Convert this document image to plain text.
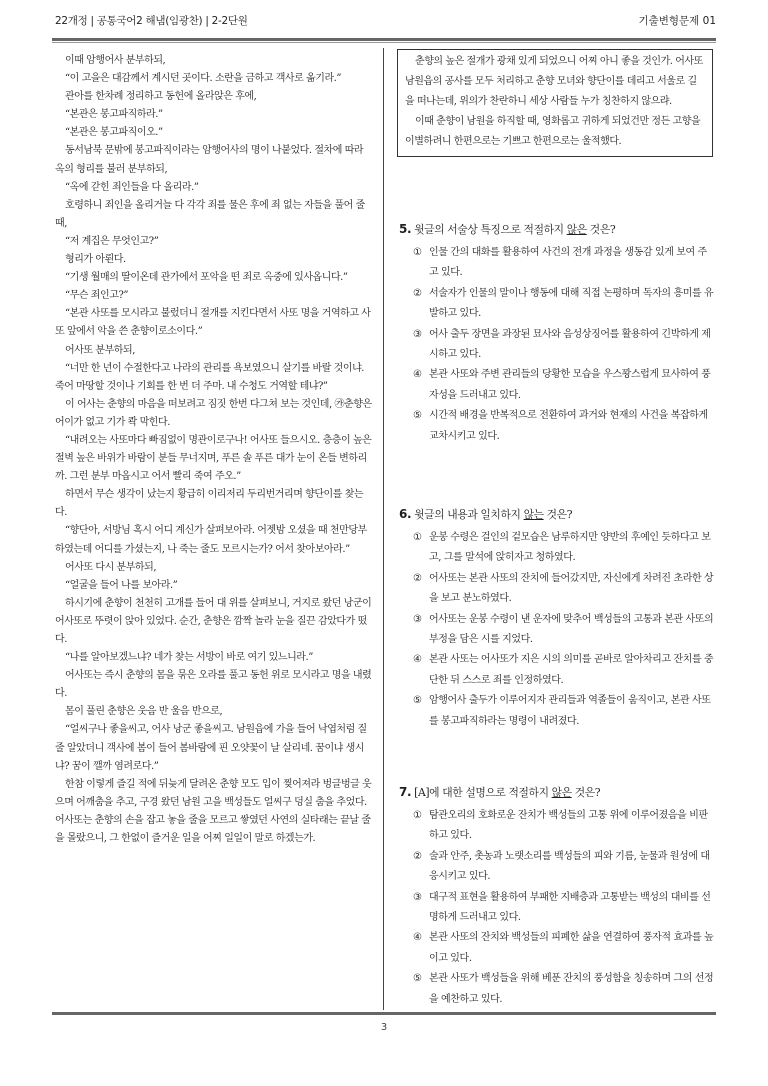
22개정 | 공통국어2 해냄(임광찬) | 2-2단원	기출변형문제 01

이때 암행어사 분부하되,

“이 고을은 대감께서 계시던 곳이다. 소란을 금하고 객사로 옮기라.”

관아를 한차례 정리하고 동헌에 올라앉은 후에,

“본관은 봉고파직하라.”

“본관은 봉고파직이오.”

동서남북 문밖에 봉고파직이라는 암행어사의 명이 나붙었다. 절차에 따라 옥의 형리를 불러 분부하되,

“옥에 갇힌 죄인들을 다 올리라.”

호령하니 죄인을 올리거늘 다 각각 죄를 물은 후에 죄 없는 자들을 풀어 줄 때,

“저 계집은 무엇인고?”

형리가 아뢴다.

“기생 월매의 딸이온데 관가에서 포악을 떤 죄로 옥중에 있사옵니다.”

“무슨 죄인고?”

“본관 사또를 모시라고 불렀더니 절개를 지킨다면서 사또 명을 거역하고 사또 앞에서 악을 쓴 춘향이로소이다.”

어사또 분부하되,

“너만 한 년이 수절한다고 나라의 관리를 욕보였으니 살기를 바랄 것이냐. 죽어 마땅할 것이나 기회를 한 번 더 주마. 내 수청도 거역할 테냐?”

이 어사는 춘향의 마음을 떠보려고 짐짓 한번 다그쳐 보는 것인데, ㉮춘향은 어이가 없고 기가 콱 막힌다.

“내려오는 사또마다 빠짐없이 명관이로구나! 어사또 들으시오. 층층이 높은 절벽 높은 바위가 바람이 분들 무너지며, 푸른 솔 푸른 대가 눈이 온들 변하리까. 그런 분부 마옵시고 어서 빨리 죽여 주오.”

하면서 무슨 생각이 났는지 황급히 이리저리 두리번거리며 향단이를 찾는다.

“향단아, 서방님 혹시 어디 계신가 살펴보아라. 어젯밤 오셨을 때 천만당부하였는데 어디를 가셨는지, 나 죽는 줄도 모르시는가? 어서 찾아보아라.”

어사또 다시 분부하되,

“얼굴을 들어 나를 보아라.”

하시기에 춘향이 천천히 고개를 들어 대 위를 살펴보니, 거지로 왔던 낭군이 어사또로 뚜렷이 앉아 있었다. 순간, 춘향은 깜짝 놀라 눈을 질끈 감았다가 떴다.

“나를 알아보겠느냐? 네가 찾는 서방이 바로 여기 있느니라.”

어사또는 즉시 춘향의 몸을 묶은 오라를 풀고 동헌 위로 모시라고 명을 내렸다.

몸이 풀린 춘향은 웃음 반 울음 반으로,

“얼씨구나 좋을씨고, 어사 낭군 좋을씨고. 남원읍에 가을 들어 낙엽처럼 질 줄 알았더니 객사에 봄이 들어 봄바람에 핀 오얏꽃이 날 살리네. 꿈이냐 생시냐? 꿈이 깰까 염려로다.”

한참 이렇게 즐길 적에 뒤늦게 달려온 춘향 모도 입이 찢어져라 벙글벙글 웃으며 어깨춤을 추고, 구경 왔던 남원 고을 백성들도 얼씨구 덩실 춤을 추었다. 어사또는 춘향의 손을 잡고 놓을 줄을 모르고 쌓였던 사연의 실타래는 끝날 줄을 몰랐으니, 그 한없이 즐거운 일을 어찌 일일이 말로 하겠는가.

춘향의 높은 절개가 광채 있게 되었으니 어찌 아니 좋을 것인가. 어사또 남원읍의 공사를 모두 처리하고 춘향 모녀와 향단이를 데리고 서울로 길을 떠나는데, 위의가 찬란하니 세상 사람들 누가 칭찬하지 않으랴.

이때 춘향이 남원을 하직할 때, 영화롭고 귀하게 되었건만 정든 고향을 이별하려니 한편으로는 기쁘고 한편으로는 울적했다.

5. 윗글의 서술상 특징으로 적절하지 않은 것은?
① 인물 간의 대화를 활용하여 사건의 전개 과정을 생동감 있게 보여 주고 있다.
② 서술자가 인물의 말이나 행동에 대해 직접 논평하며 독자의 흥미를 유발하고 있다.
③ 어사 출두 장면을 과장된 묘사와 음성상징어를 활용하여 긴박하게 제시하고 있다.
④ 본관 사또와 주변 관리들의 당황한 모습을 우스꽝스럽게 묘사하여 풍자성을 드러내고 있다.
⑤ 시간적 배경을 반복적으로 전환하여 과거와 현재의 사건을 복잡하게 교차시키고 있다.
6. 윗글의 내용과 일치하지 않는 것은?
① 운봉 수령은 걸인의 겉모습은 남루하지만 양반의 후예인 듯하다고 보고, 그를 말석에 앉히자고 청하였다.
② 어사또는 본관 사또의 잔치에 들어갔지만, 자신에게 차려진 초라한 상을 보고 분노하였다.
③ 어사또는 운봉 수령이 낸 운자에 맞추어 백성들의 고통과 본관 사또의 부정을 담은 시를 지었다.
④ 본관 사또는 어사또가 지은 시의 의미를 곧바로 알아차리고 잔치를 중단한 뒤 스스로 죄를 인정하였다.
⑤ 암행어사 출두가 이루어지자 관리들과 역졸들이 움직이고, 본관 사또를 봉고파직하라는 명령이 내려졌다.
7. [A]에 대한 설명으로 적절하지 않은 것은?
① 탐관오리의 호화로운 잔치가 백성들의 고통 위에 이루어졌음을 비판하고 있다.
② 술과 안주, 촛농과 노랫소리를 백성들의 피와 기름, 눈물과 원성에 대응시키고 있다.
③ 대구적 표현을 활용하여 부패한 지배층과 고통받는 백성의 대비를 선명하게 드러내고 있다.
④ 본관 사또의 잔치와 백성들의 피폐한 삶을 연결하여 풍자적 효과를 높이고 있다.
⑤ 본관 사또가 백성들을 위해 베푼 잔치의 풍성함을 칭송하며 그의 선정을 예찬하고 있다.
3
